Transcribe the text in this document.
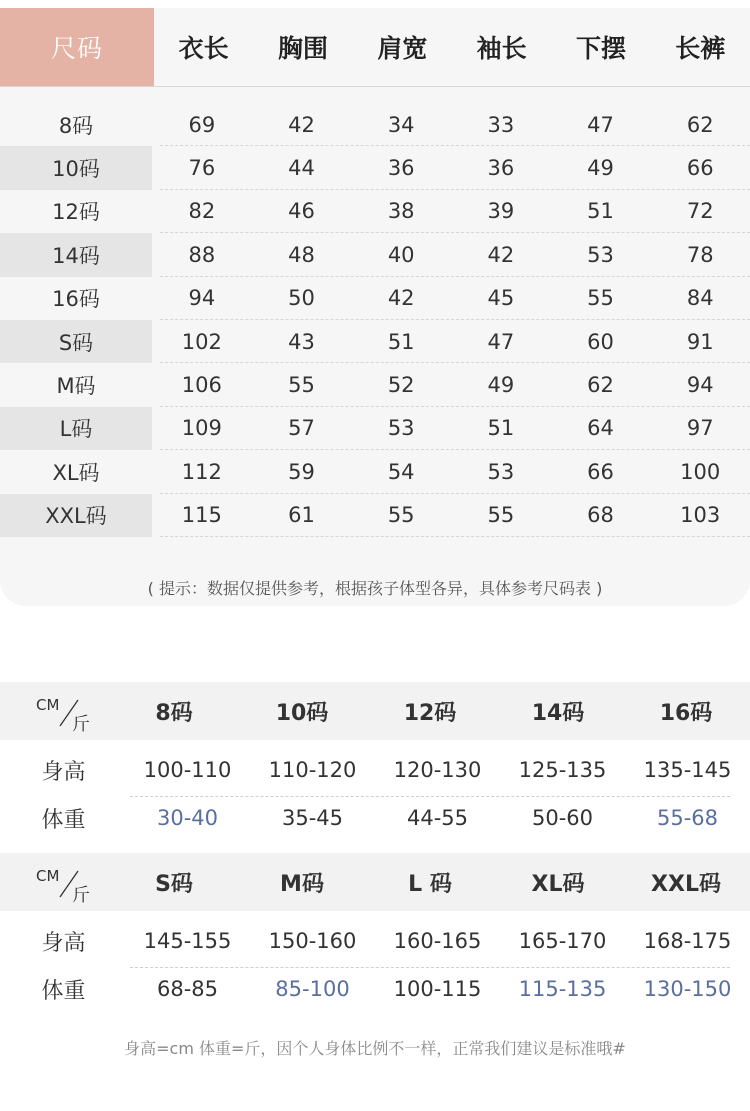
尺码	衣长	胸围	肩宽	袖长	下摆	长裤
8码	69	42	34	33	47	62
10码	76	44	36	36	49	66
12码	82	46	38	39	51	72
14码	88	48	40	42	53	78
16码	94	50	42	45	55	84
S码	102	43	51	47	60	91
M码	106	55	52	49	62	94
L码	109	57	53	51	64	97
XL码	112	59	54	53	66	100
XXL码	115	61	55	55	68	103
( 提示：数据仅提供参考，根据孩子体型各异，具体参考尺码表 )
CM
斤	8码	10码	12码	14码	16码
身高	100-110	110-120	120-130	125-135	135-145
体重	30-40	35-45	44-55	50-60	55-68
CM
斤	S码	M码	L 码	XL码	XXL码
身高	145-155	150-160	160-165	165-170	168-175
体重	68-85	85-100	100-115	115-135	130-150
身高=cm 体重=斤，因个人身体比例不一样，正常我们建议是标准哦#
